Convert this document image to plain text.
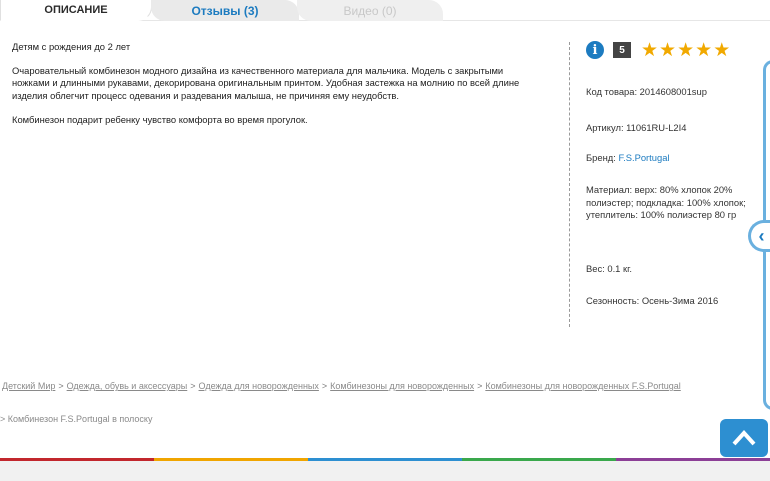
ОПИСАНИЕ	Отзывы (3)	Видео (0)

Детям с рождения до 2 лет

Очаровательный комбинезон модного дизайна из качественного материала для мальчика. Модель с закрытыми ножками и длинными рукавами, декорирована оригинальным принтом. Удобная застежка на молнию по всей длине изделия облегчит процесс одевания и раздевания малыша, не причиняя ему неудобств.

Комбинезон подарит ребенку чувство комфорта во время прогулок.

i	5 ★ ★ ★ ★ ★
Код товара: 2014608001sup
Артикул: 11061RU-L2I4
Бренд: F.S.Portugal
Материал: верх: 80% хлопок 20% полиэстер; подкладка: 100% хлопок; утеплитель: 100% полиэстер 80 гр
Вес: 0.1 кг.
Сезонность: Осень-Зима 2016
‹
Детский Мир > Одежда, обувь и аксессуары > Одежда для новорожденных > Комбинезоны для новорожденных > Комбинезоны для новорожденных F.S.Portugal
> Комбинезон F.S.Portugal в полоску
